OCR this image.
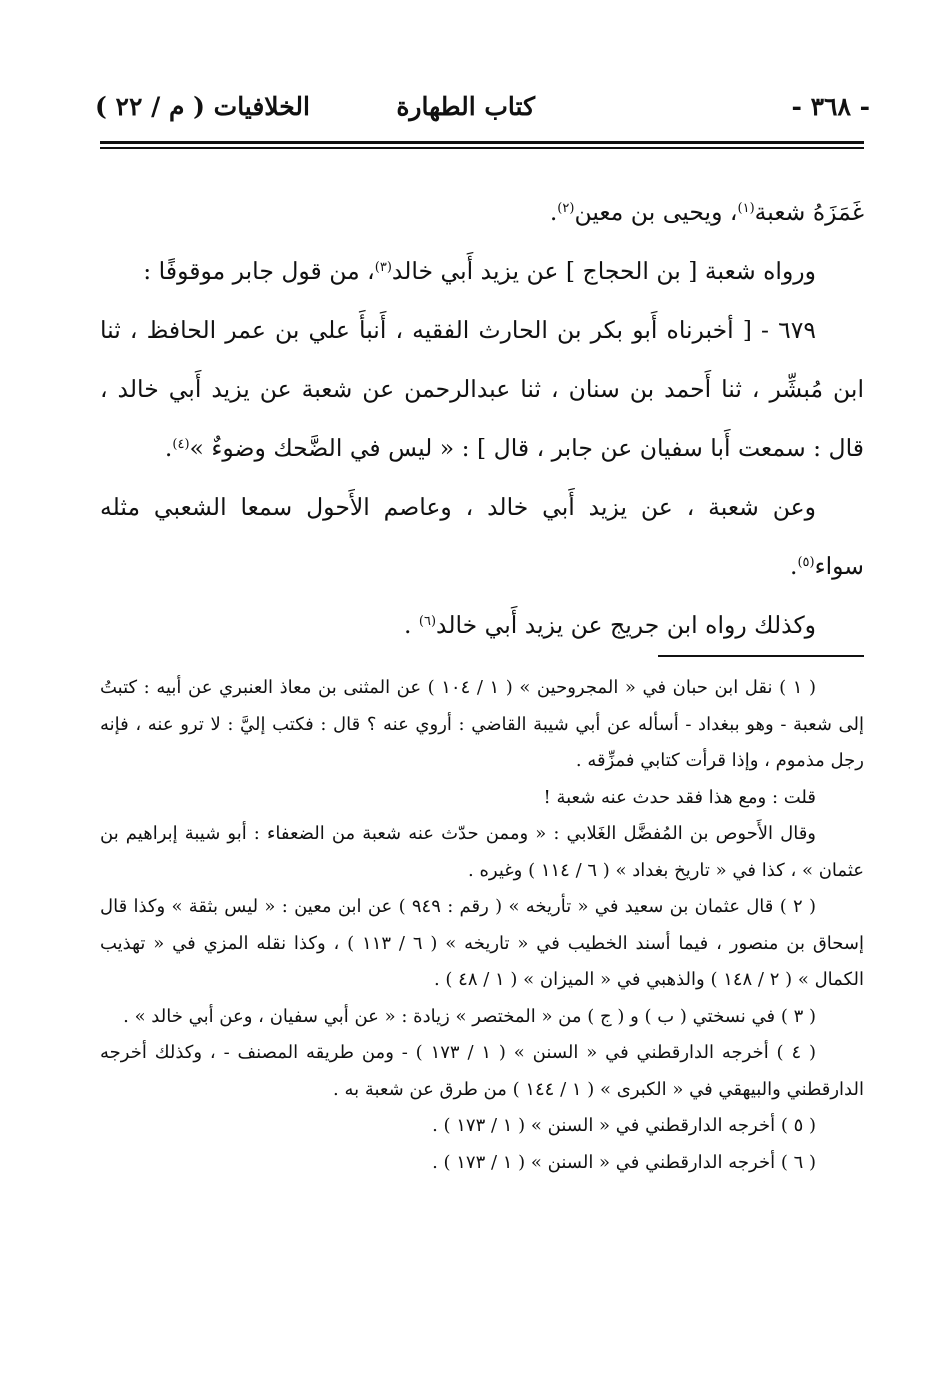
- ٣٦٨ -
كتاب الطهارة
الخلافيات ( م / ٢٢ )

غَمَزَهُ شعبة$^{(١)}$، ويحيى بن معين$^{(٢)}$.

ورواه شعبة [ بن الحجاج ] عن يزيد أَبي خالد$^{(٣)}$، من قول جابر موقوفًا :

٦٧٩ - [ أخبرناه أَبو بكر بن الحارث الفقيه ، أَنبأَ علي بن عمر الحافظ ، ثنا ابن مُبشِّر ، ثنا أَحمد بن سنان ، ثنا عبدالرحمن عن شعبة عن يزيد أَبي خالد ، قال : سمعت أَبا سفيان عن جابر ، قال ] : « ليس في الضَّحك وضوءٌ »$^{(٤)}$.

وعن شعبة ، عن يزيد أَبي خالد ، وعاصم الأَحول سمعا الشعبي مثله سواء$^{(٥)}$.

وكذلك رواه ابن جريج عن يزيد أَبي خالد$^{(٦)}$ .

( ١ ) نقل ابن حبان في « المجروحين » ( ١ / ١٠٤ ) عن المثنى بن معاذ العنبري عن أبيه : كتبتُ إلى شعبة - وهو ببغداد - أسأله عن أبي شيبة القاضي : أروي عنه ؟ قال : فكتب إليَّ : لا ترو عنه ، فإنه رجل مذموم ، وإذا قرأت كتابي فمزِّقه .

قلت : ومع هذا فقد حدث عنه شعبة !

وقال الأَحوص بن المُفضَّل الغَلابي : « وممن حدّث عنه شعبة من الضعفاء : أبو شيبة إبراهيم بن عثمان » ، كذا في « تاريخ بغداد » ( ٦ / ١١٤ ) وغيره .

( ٢ ) قال عثمان بن سعيد في « تأريخه » ( رقم : ٩٤٩ ) عن ابن معين : « ليس بثقة » وكذا قال إسحاق بن منصور ، فيما أسند الخطيب في « تاريخه » ( ٦ / ١١٣ ) ، وكذا نقله المزي في « تهذيب الكمال » ( ٢ / ١٤٨ ) والذهبي في « الميزان » ( ١ / ٤٨ ) .

( ٣ ) في نسختي ( ب ) و ( ج ) من « المختصر » زيادة : « عن أبي سفيان ، وعن أبي خالد » .

( ٤ ) أخرجه الدارقطني في « السنن » ( ١ / ١٧٣ ) - ومن طريقه المصنف - ، وكذلك أخرجه الدارقطني والبيهقي في « الكبرى » ( ١ / ١٤٤ ) من طرق عن شعبة به .

( ٥ ) أخرجه الدارقطني في « السنن » ( ١ / ١٧٣ ) .

( ٦ ) أخرجه الدارقطني في « السنن » ( ١ / ١٧٣ ) .
